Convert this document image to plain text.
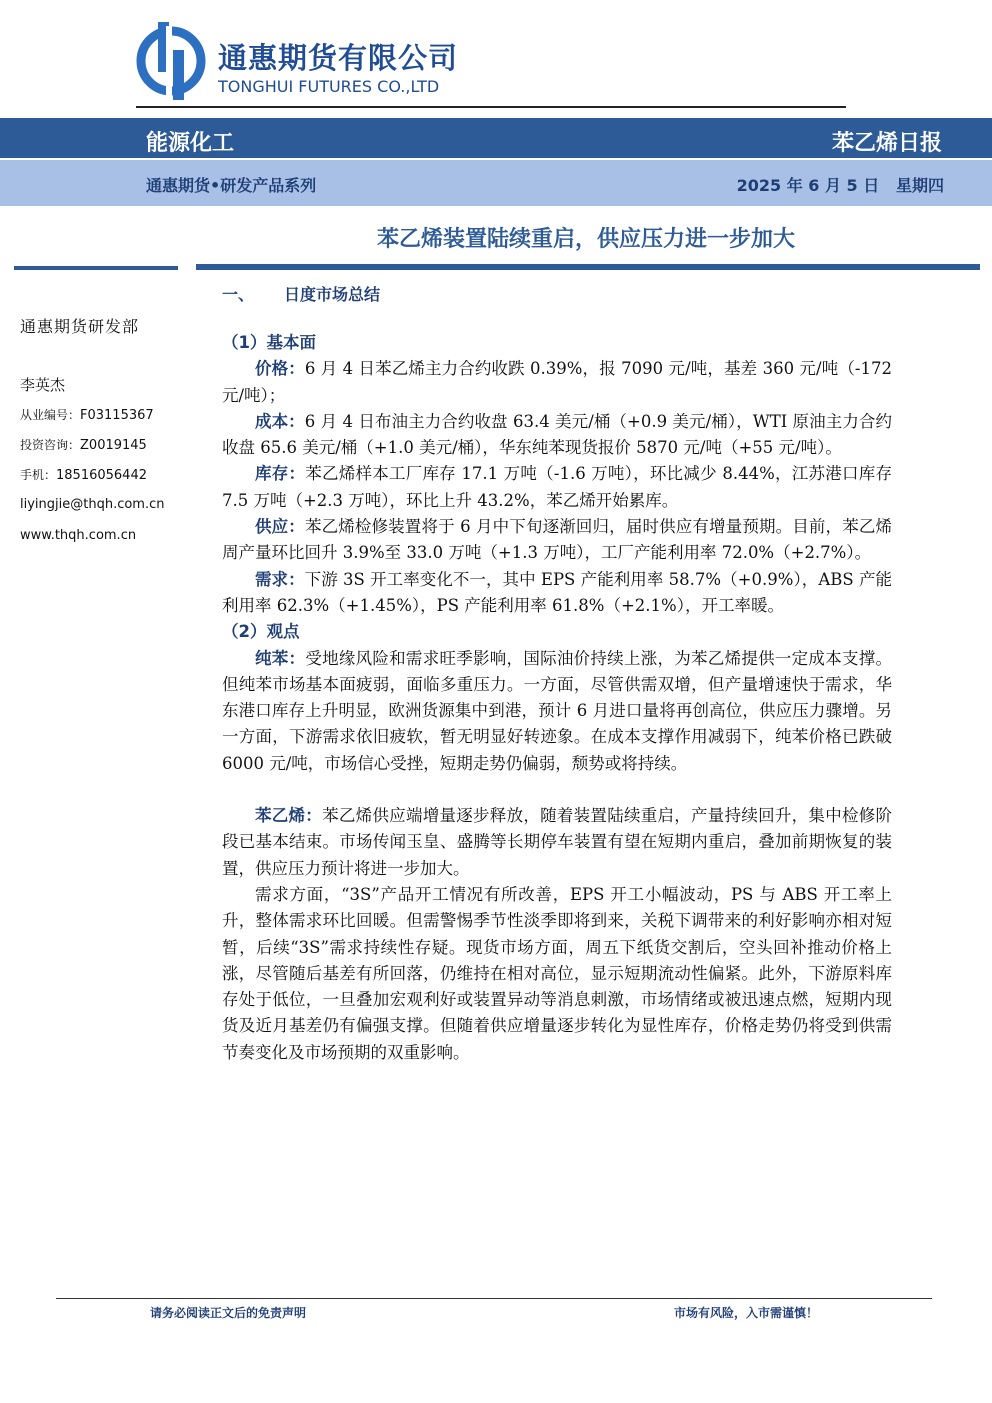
通惠期货有限公司
TONGHUI FUTURES CO.,LTD
能源化工	苯乙烯日报
通惠期货•研发产品系列	2025 年 6 月 5 日 星期四
苯乙烯装置陆续重启，供应压力进一步加大
通惠期货研发部
李英杰
从业编号：F03115367
投资咨询：Z0019145
手机：18516056442
liyingjie@thqh.com.cn
www.thqh.com.cn
一、 日度市场总结
（1）基本面

价格：6 月 4 日苯乙烯主力合约收跌 0.39%，报 7090 元/吨，基差 360 元/吨（-172 元/吨）；

成本：6 月 4 日布油主力合约收盘 63.4 美元/桶（+0.9 美元/桶），WTI 原油主力合约收盘 65.6 美元/桶（+1.0 美元/桶），华东纯苯现货报价 5870 元/吨（+55 元/吨）。

库存：苯乙烯样本工厂库存 17.1 万吨（-1.6 万吨），环比减少 8.44%，江苏港口库存 7.5 万吨（+2.3 万吨），环比上升 43.2%，苯乙烯开始累库。

供应：苯乙烯检修装置将于 6 月中下旬逐渐回归，届时供应有增量预期。目前，苯乙烯周产量环比回升 3.9%至 33.0 万吨（+1.3 万吨），工厂产能利用率 72.0%（+2.7%）。

需求：下游 3S 开工率变化不一，其中 EPS 产能利用率 58.7%（+0.9%），ABS 产能利用率 62.3%（+1.45%），PS 产能利用率 61.8%（+2.1%），开工率暖。

（2）观点

纯苯：受地缘风险和需求旺季影响，国际油价持续上涨，为苯乙烯提供一定成本支撑。但纯苯市场基本面疲弱，面临多重压力。一方面，尽管供需双增，但产量增速快于需求，华东港口库存上升明显，欧洲货源集中到港，预计 6 月进口量将再创高位，供应压力骤增。另一方面，下游需求依旧疲软，暂无明显好转迹象。在成本支撑作用减弱下，纯苯价格已跌破 6000 元/吨，市场信心受挫，短期走势仍偏弱，颓势或将持续。

苯乙烯：苯乙烯供应端增量逐步释放，随着装置陆续重启，产量持续回升，集中检修阶段已基本结束。市场传闻玉皇、盛腾等长期停车装置有望在短期内重启，叠加前期恢复的装置，供应压力预计将进一步加大。

需求方面，“3S”产品开工情况有所改善，EPS 开工小幅波动，PS 与 ABS 开工率上升，整体需求环比回暖。但需警惕季节性淡季即将到来，关税下调带来的利好影响亦相对短暂，后续“3S”需求持续性存疑。现货市场方面，周五下纸货交割后，空头回补推动价格上涨，尽管随后基差有所回落，仍维持在相对高位，显示短期流动性偏紧。此外，下游原料库存处于低位，一旦叠加宏观利好或装置异动等消息刺激，市场情绪或被迅速点燃，短期内现货及近月基差仍有偏强支撑。但随着供应增量逐步转化为显性库存，价格走势仍将受到供需节奏变化及市场预期的双重影响。

请务必阅读正文后的免责声明	市场有风险，入市需谨慎！
